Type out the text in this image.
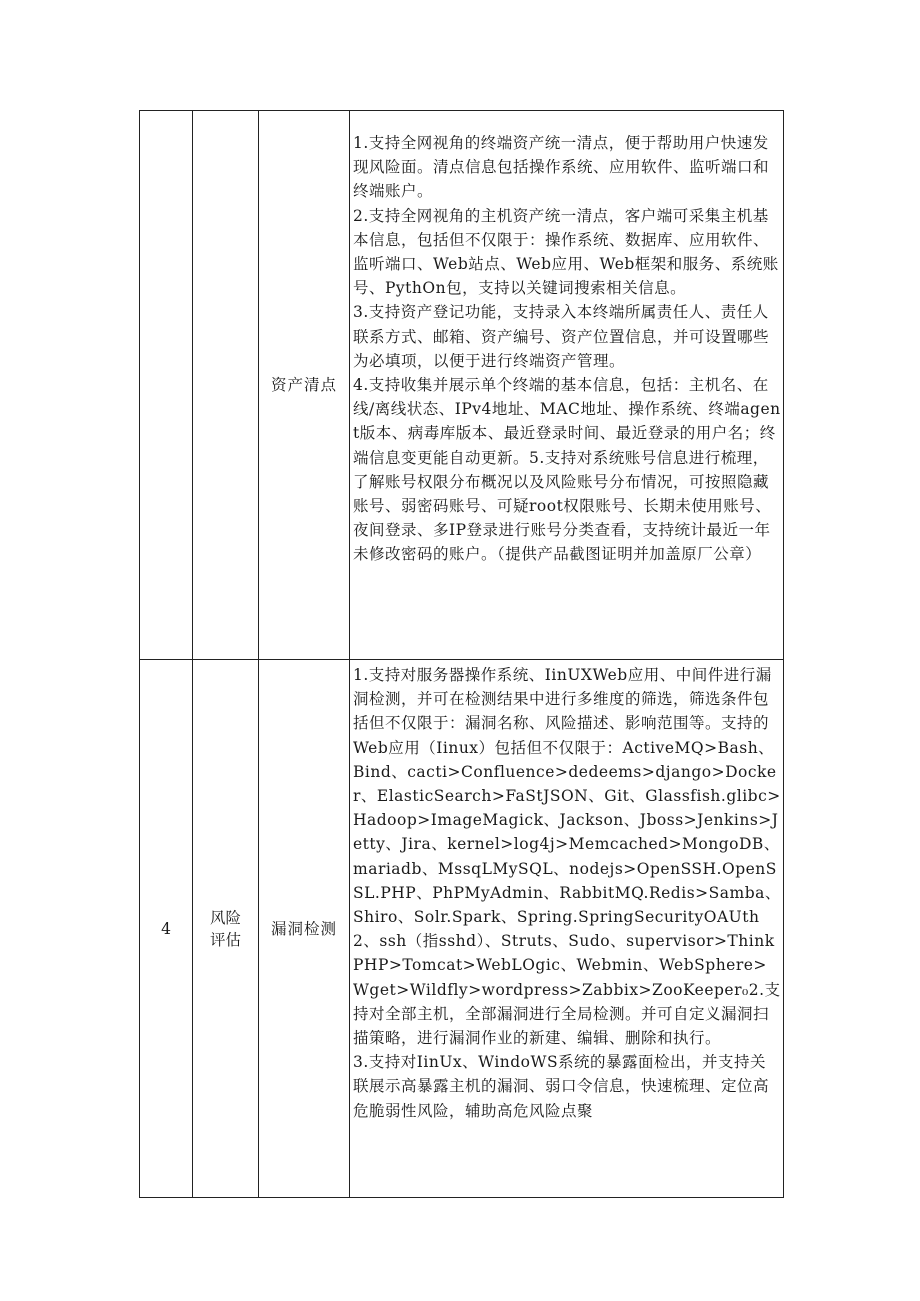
		资产清点	1.支持全网视角的终端资产统一清点，便于帮助用户快速发现风险面。清点信息包括操作系统、应用软件、监听端口和终端账户。

2.支持全网视角的主机资产统一清点，客户端可采集主机基本信息，包括但不仅限于：操作系统、数据库、应用软件、监听端口、Web站点、Web应用、Web框架和服务、系统账号、PythOn包，支持以关键词搜索相关信息。

3.支持资产登记功能，支持录入本终端所属责任人、责任人联系方式、邮箱、资产编号、资产位置信息，并可设置哪些为必填项，以便于进行终端资产管理。

4.支持收集并展示单个终端的基本信息，包括：主机名、在线/离线状态、IPv4地址、MAC地址、操作系统、终端agent版本、病毒库版本、最近登录时间、最近登录的用户名；终端信息变更能自动更新。5.支持对系统账号信息进行梳理，了解账号权限分布概况以及风险账号分布情况，可按照隐藏账号、弱密码账号、可疑root权限账号、长期未使用账号、夜间登录、多IP登录进行账号分类查看，支持统计最近一年未修改密码的账户。（提供产品截图证明并加盖原厂公章）

4	风险评估	漏洞检测	1.支持对服务器操作系统、IinUXWeb应用、中间件进行漏洞检测，并可在检测结果中进行多维度的筛选，筛选条件包括但不仅限于：漏洞名称、风险描述、影响范围等。支持的Web应用（Iinux）包括但不仅限于：ActiveMQ>Bash、Bind、cacti>Confluence>dedeems>django>Docker、ElasticSearch>FaStJSON、Git、Glassfish.glibc>Hadoop>ImageMagick、Jackson、Jboss>Jenkins>Jetty、Jira、kernel>log4j>Memcached>MongoDB、mariadb、MssqLMySQL、nodejs>OpenSSH.OpenSSL.PHP、PhPMyAdmin、RabbitMQ.Redis>Samba、Shiro、Solr.Spark、Spring.SpringSecurityOAUth2、ssh（指sshd）、Struts、Sudo、supervisor>ThinkPHP>Tomcat>WebLOgic、Webmin、WebSphere>Wget>Wildfly>wordpress>Zabbix>ZooKeeper₀2.支持对全部主机，全部漏洞进行全局检测。并可自定义漏洞扫描策略，进行漏洞作业的新建、编辑、删除和执行。

3.支持对IinUx、WindoWS系统的暴露面检出，并支持关联展示高暴露主机的漏洞、弱口令信息，快速梳理、定位高危脆弱性风险，辅助高危风险点聚
